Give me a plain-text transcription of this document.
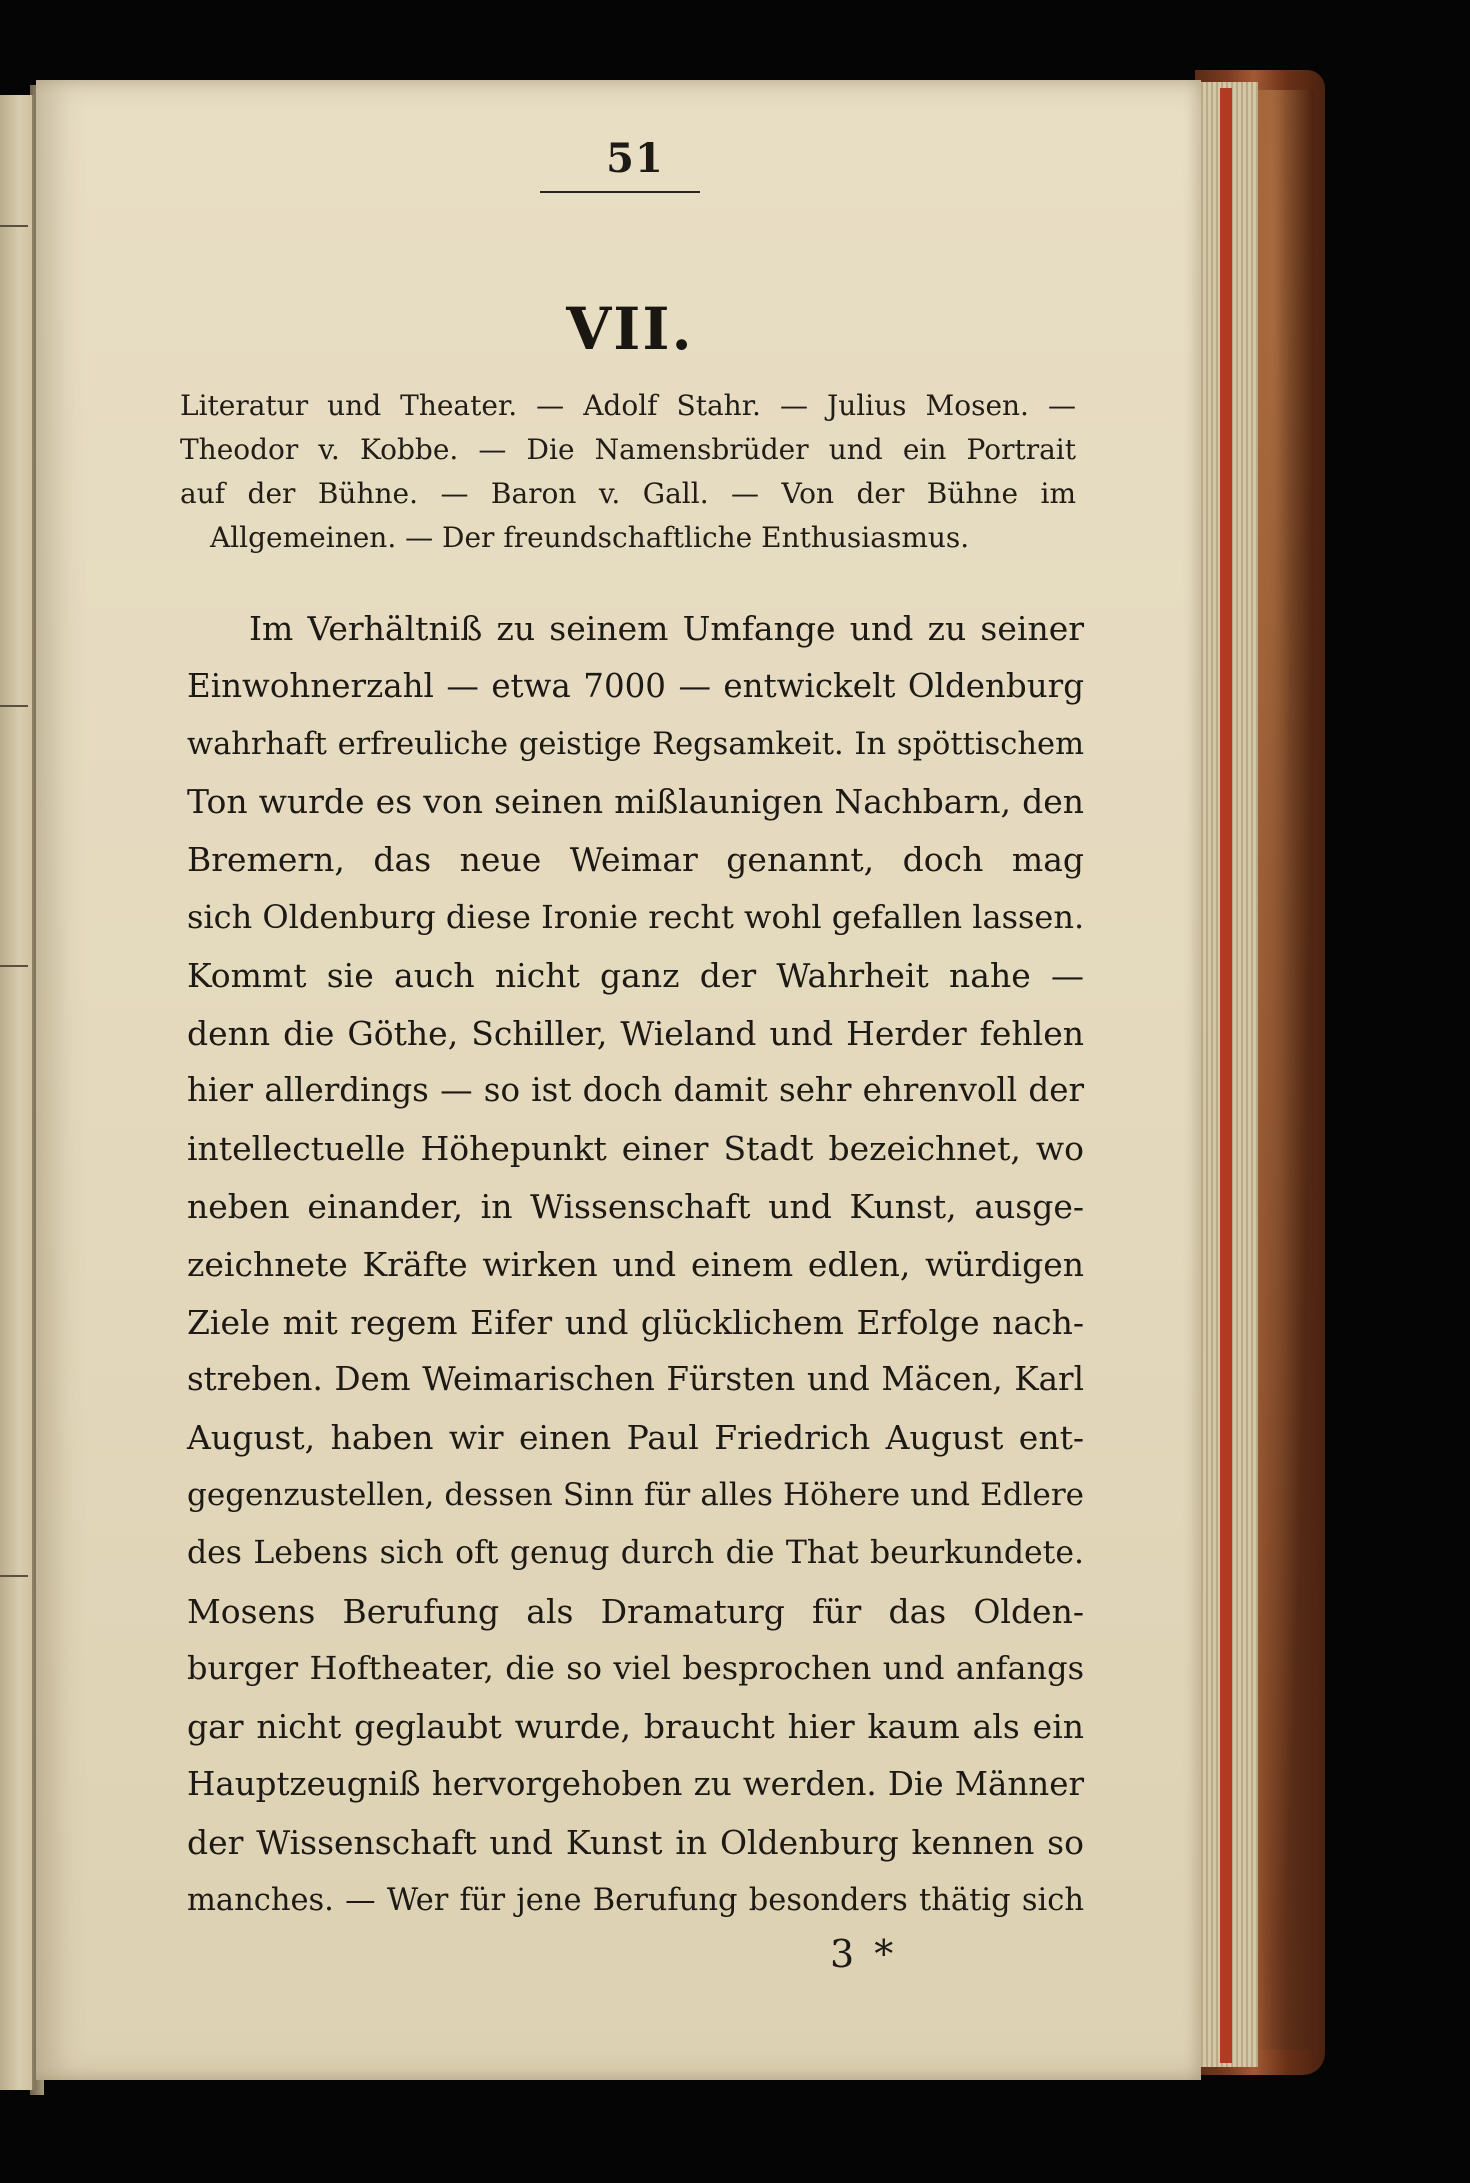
51
VII.
Literatur und Theater. — Adolf Stahr. — Julius Mosen. —
Theodor v. Kobbe. — Die Namensbrüder und ein Portrait
auf der Bühne. — Baron v. Gall. — Von der Bühne im
Allgemeinen. — Der freundschaftliche Enthusiasmus.
Im Verhältniß zu seinem Umfange und zu seiner
Einwohnerzahl — etwa 7000 — entwickelt Oldenburg
wahrhaft erfreuliche geistige Regsamkeit. In spöttischem
Ton wurde es von seinen mißlaunigen Nachbarn, den
Bremern, das neue Weimar genannt, doch mag
sich Oldenburg diese Ironie recht wohl gefallen lassen.
Kommt sie auch nicht ganz der Wahrheit nahe —
denn die Göthe, Schiller, Wieland und Herder fehlen
hier allerdings — so ist doch damit sehr ehrenvoll der
intellectuelle Höhepunkt einer Stadt bezeichnet, wo
neben einander, in Wissenschaft und Kunst, ausge-
zeichnete Kräfte wirken und einem edlen, würdigen
Ziele mit regem Eifer und glücklichem Erfolge nach-
streben. Dem Weimarischen Fürsten und Mäcen, Karl
August, haben wir einen Paul Friedrich August ent-
gegenzustellen, dessen Sinn für alles Höhere und Edlere
des Lebens sich oft genug durch die That beurkundete.
Mosens Berufung als Dramaturg für das Olden-
burger Hoftheater, die so viel besprochen und anfangs
gar nicht geglaubt wurde, braucht hier kaum als ein
Hauptzeugniß hervorgehoben zu werden. Die Männer
der Wissenschaft und Kunst in Oldenburg kennen so
manches. — Wer für jene Berufung besonders thätig sich
3 *
